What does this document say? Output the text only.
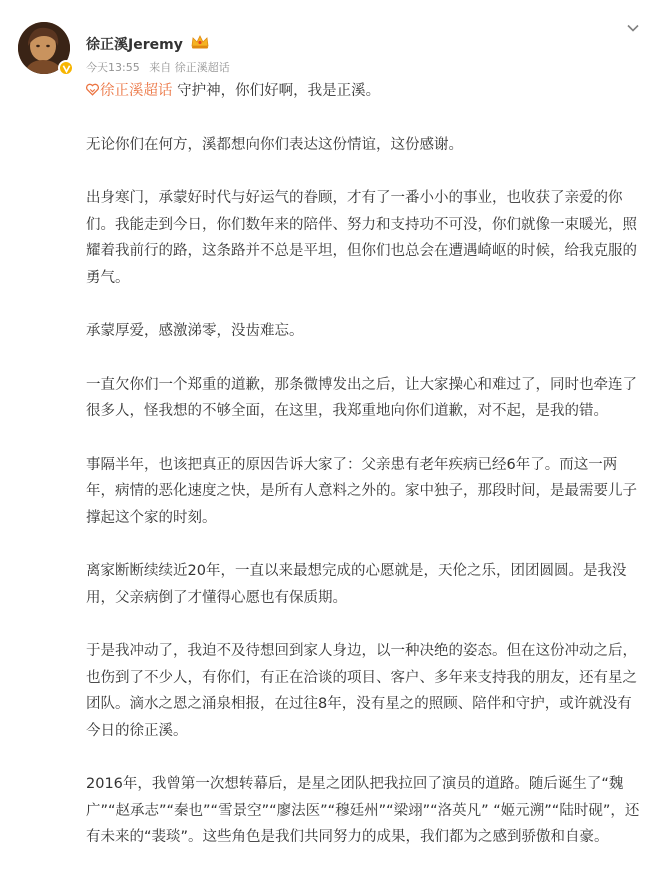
徐正溪Jeremy
今天13:55 来自 徐正溪超话

徐正溪超话 守护神，你们好啊，我是正溪。

无论你们在何方，溪都想向你们表达这份情谊，这份感谢。

出身寒门，承蒙好时代与好运气的眷顾，才有了一番小小的事业，也收获了亲爱的你们。我能走到今日，你们数年来的陪伴、努力和支持功不可没，你们就像一束暖光，照耀着我前行的路，这条路并不总是平坦，但你们也总会在遭遇崎岖的时候，给我克服的勇气。

承蒙厚爱，感激涕零，没齿难忘。

一直欠你们一个郑重的道歉，那条微博发出之后，让大家操心和难过了，同时也牵连了很多人，怪我想的不够全面，在这里，我郑重地向你们道歉，对不起，是我的错。

事隔半年，也该把真正的原因告诉大家了：父亲患有老年疾病已经6年了。而这一两年，病情的恶化速度之快，是所有人意料之外的。家中独子，那段时间，是最需要儿子撑起这个家的时刻。

离家断断续续近20年，一直以来最想完成的心愿就是，天伦之乐，团团圆圆。是我没用，父亲病倒了才懂得心愿也有保质期。

于是我冲动了，我迫不及待想回到家人身边，以一种决绝的姿态。但在这份冲动之后，也伤到了不少人，有你们，有正在洽谈的项目、客户、多年来支持我的朋友，还有星之团队。滴水之恩之涌泉相报，在过往8年，没有星之的照顾、陪伴和守护，或许就没有今日的徐正溪。

2016年，我曾第一次想转幕后，是星之团队把我拉回了演员的道路。随后诞生了“魏广”“赵承志”“秦也”“雪景空”“廖法医”“穆廷州”“梁翊”“洛英凡” “姬元溯”“陆时砚”，还有未来的“裴琰”。这些角色是我们共同努力的成果，我们都为之感到骄傲和自豪。
